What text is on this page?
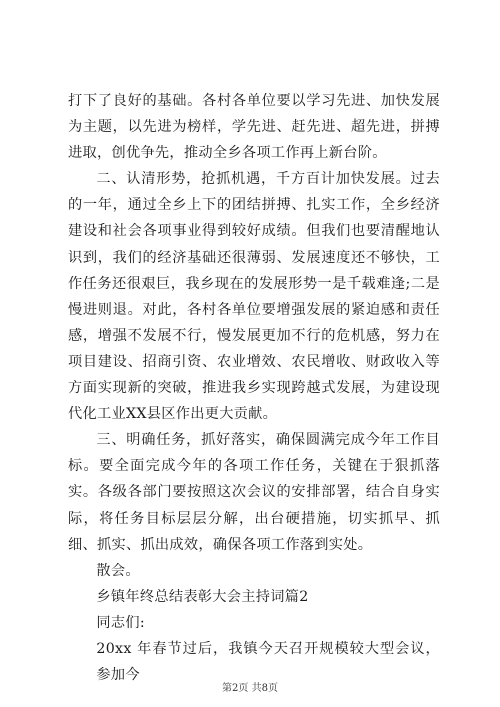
打下了良好的基础。各村各单位要以学习先进、加快发展为主题，以先进为榜样，学先进、赶先进、超先进，拼搏进取，创优争先，推动全乡各项工作再上新台阶。

二、认清形势，抢抓机遇，千方百计加快发展。过去的一年，通过全乡上下的团结拼搏、扎实工作，全乡经济建设和社会各项事业得到较好成绩。但我们也要清醒地认识到，我们的经济基础还很薄弱、发展速度还不够快，工作任务还很艰巨，我乡现在的发展形势一是千载难逢;二是慢进则退。对此，各村各单位要增强发展的紧迫感和责任感，增强不发展不行，慢发展更加不行的危机感，努力在项目建设、招商引资、农业增效、农民增收、财政收入等方面实现新的突破，推进我乡实现跨越式发展，为建设现代化工业XX县区作出更大贡献。

三、明确任务，抓好落实，确保圆满完成今年工作目标。要全面完成今年的各项工作任务，关键在于狠抓落实。各级各部门要按照这次会议的安排部署，结合自身实际，将任务目标层层分解，出台硬措施，切实抓早、抓细、抓实、抓出成效，确保各项工作落到实处。

散会。

乡镇年终总结表彰大会主持词篇2

同志们:

20xx 年春节过后，我镇今天召开规模较大型会议，参加今

第2页 共8页
